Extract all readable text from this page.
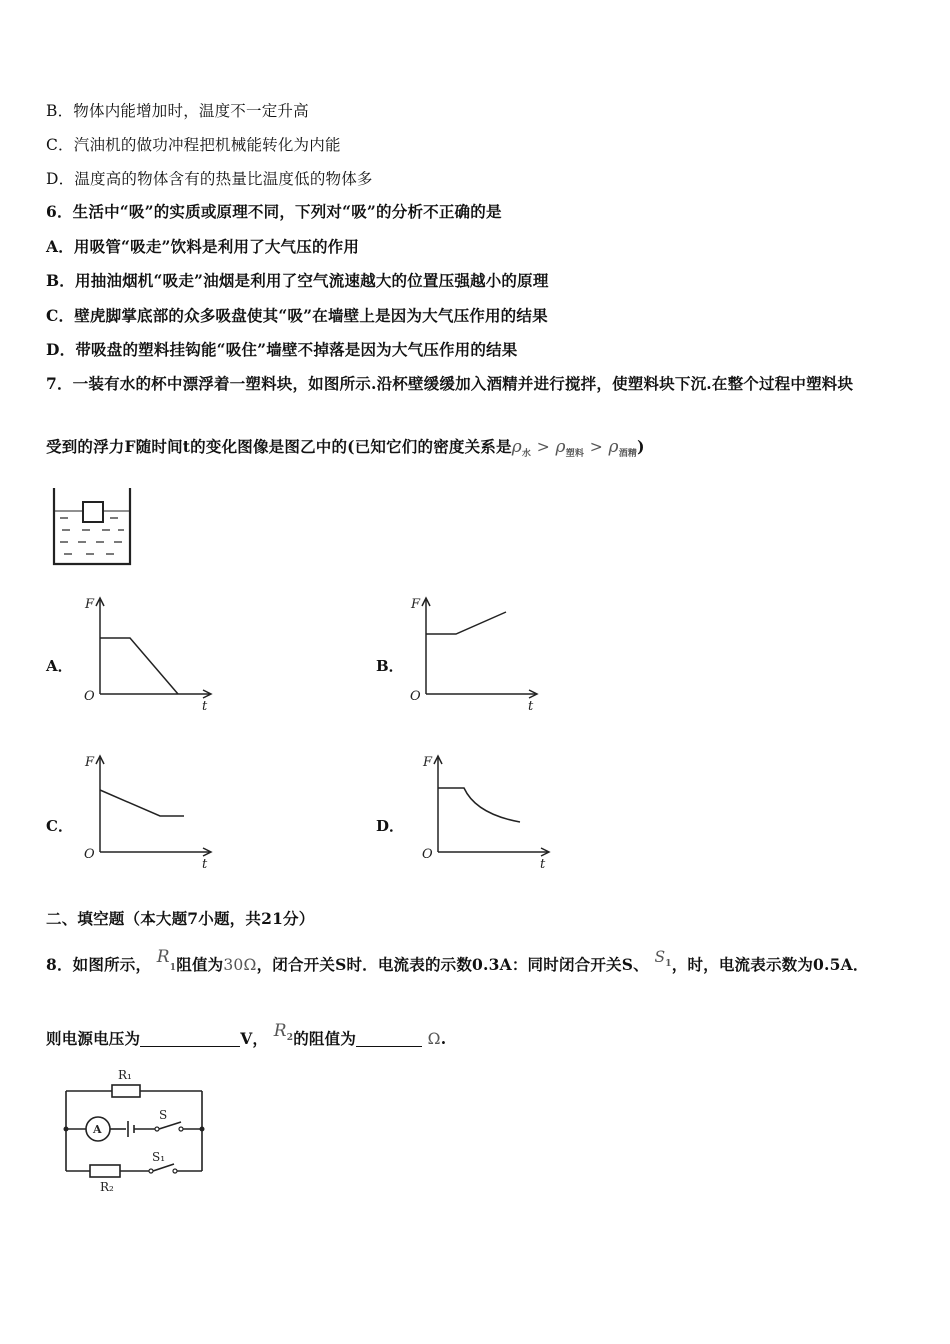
B．物体内能增加时，温度不一定升高
C．汽油机的做功冲程把机械能转化为内能
D．温度高的物体含有的热量比温度低的物体多
6．生活中“吸”的实质或原理不同，下列对“吸”的分析不正确的是
A．用吸管“吸走”饮料是利用了大气压的作用
B．用抽油烟机“吸走”油烟是利用了空气流速越大的位置压强越小的原理
C．壁虎脚掌底部的众多吸盘使其“吸”在墙壁上是因为大气压作用的结果
D．带吸盘的塑料挂钩能“吸住”墙壁不掉落是因为大气压作用的结果
7．一装有水的杯中漂浮着一塑料块，如图所示.沿杯壁缓缓加入酒精并进行搅拌，使塑料块下沉.在整个过程中塑料块
受到的浮力F随时间t的变化图像是图乙中的(已知它们的密度关系是$\rho_水 > \rho_{塑料} > \rho_{酒精}$)
A．
F
O
t
B．
F
O
t
C．
F
O
t
D．
F
O
t
二、填空题（本大题7小题，共21分）
8．如图所示， R1阻值为30Ω，闭合开关S时．电流表的示数0.3A：同时闭合开关S、 $S^1$，时，电流表示数为0.5A．
则电源电压为	V， $R^2$的阻值为	Ω.
R₁
R₂
S
S₁
A
